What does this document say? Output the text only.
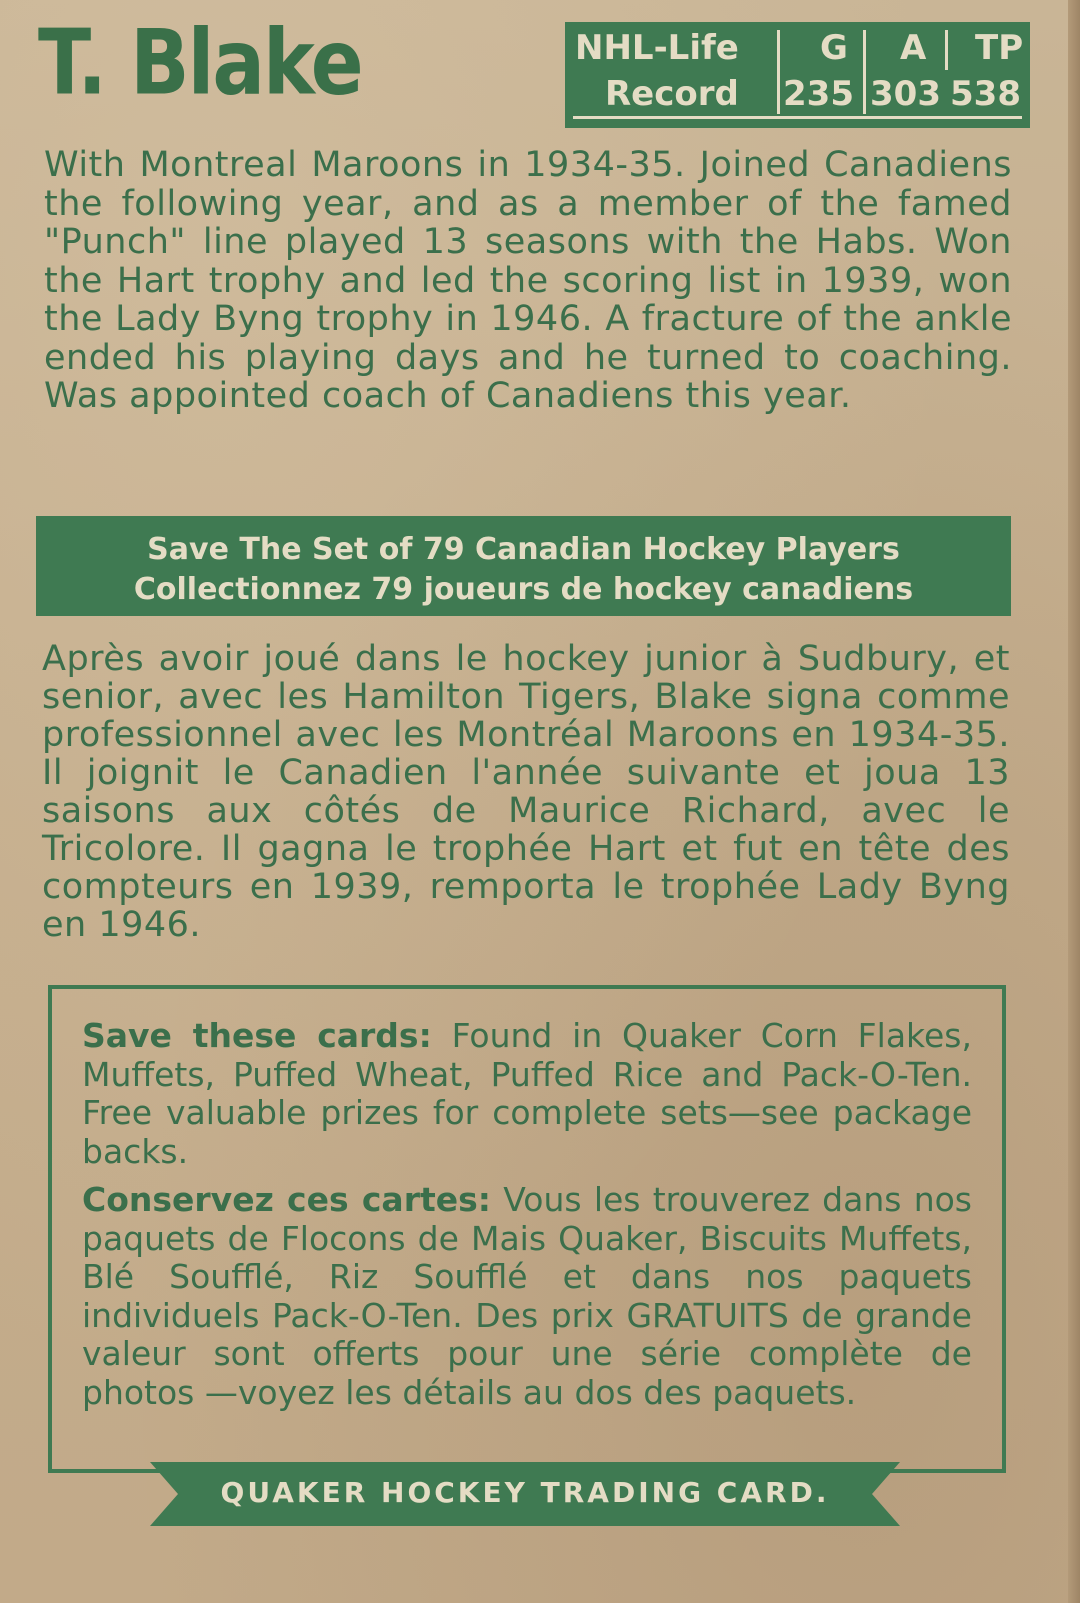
T. Blake	NHL-Life G A TP
Record 235 303 538
With Montreal Maroons in 1934-35. Joined Canadiens the following year, and as a member of the famed "Punch" line played 13 seasons with the Habs. Won the Hart trophy and led the scoring list in 1939, won the Lady Byng trophy in 1946. A fracture of the ankle ended his playing days and he turned to coaching. Was appointed coach of Canadiens this year.
Save The Set of 79 Canadian Hockey Players
Collectionnez 79 joueurs de hockey canadiens
Après avoir joué dans le hockey junior à Sudbury, et senior, avec les Hamilton Tigers, Blake signa comme professionnel avec les Montréal Maroons en 1934-35. Il joignit le Canadien l'année suivante et joua 13 saisons aux côtés de Maurice Richard, avec le Tricolore. Il gagna le trophée Hart et fut en tête des compteurs en 1939, remporta le trophée Lady Byng en 1946.

Save these cards: Found in Quaker Corn Flakes, Muffets, Puffed Wheat, Puffed Rice and Pack-O-Ten. Free valuable prizes for complete sets—see package backs.

Conservez ces cartes: Vous les trouverez dans nos paquets de Flocons de Mais Quaker, Biscuits Muffets, Blé Soufflé, Riz Soufflé et dans nos paquets individuels Pack-O-Ten. Des prix GRATUITS de grande valeur sont offerts pour une série complète de photos —voyez les détails au dos des paquets.

QUAKER HOCKEY TRADING CARD.
